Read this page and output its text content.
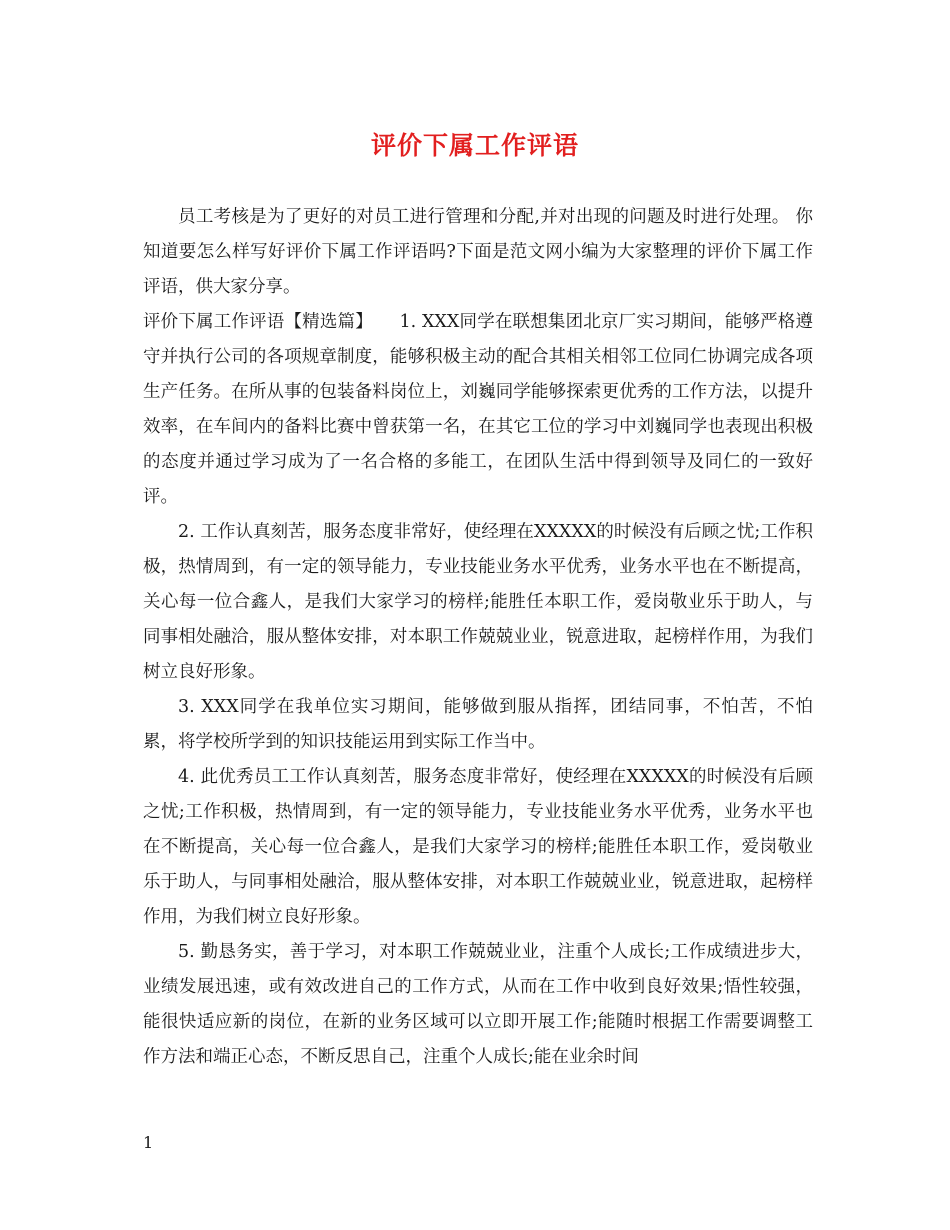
评价下属工作评语

员工考核是为了更好的对员工进行管理和分配,并对出现的问题及时进行处理。 你知道要怎么样写好评价下属工作评语吗?下面是范文网小编为大家整理的评价下属工作评语，供大家分享。

评价下属工作评语【精选篇】　　1. XXX同学在联想集团北京厂实习期间，能够严格遵守并执行公司的各项规章制度，能够积极主动的配合其相关相邻工位同仁协调完成各项生产任务。在所从事的包装备料岗位上，刘巍同学能够探索更优秀的工作方法，以提升效率，在车间内的备料比赛中曾获第一名，在其它工位的学习中刘巍同学也表现出积极的态度并通过学习成为了一名合格的多能工，在团队生活中得到领导及同仁的一致好评。

2. 工作认真刻苦，服务态度非常好，使经理在XXXXX的时候没有后顾之忧;工作积极，热情周到，有一定的领导能力，专业技能业务水平优秀，业务水平也在不断提高，关心每一位合鑫人，是我们大家学习的榜样;能胜任本职工作，爱岗敬业乐于助人，与同事相处融洽，服从整体安排，对本职工作兢兢业业，锐意进取，起榜样作用，为我们树立良好形象。

3. XXX同学在我单位实习期间，能够做到服从指挥，团结同事，不怕苦，不怕累，将学校所学到的知识技能运用到实际工作当中。

4. 此优秀员工工作认真刻苦，服务态度非常好，使经理在XXXXX的时候没有后顾之忧;工作积极，热情周到，有一定的领导能力，专业技能业务水平优秀，业务水平也在不断提高，关心每一位合鑫人，是我们大家学习的榜样;能胜任本职工作，爱岗敬业乐于助人，与同事相处融洽，服从整体安排，对本职工作兢兢业业，锐意进取，起榜样作用，为我们树立良好形象。

5. 勤恳务实，善于学习，对本职工作兢兢业业，注重个人成长;工作成绩进步大，业绩发展迅速，或有效改进自己的工作方式，从而在工作中收到良好效果;悟性较强，能很快适应新的岗位，在新的业务区域可以立即开展工作;能随时根据工作需要调整工作方法和端正心态，不断反思自己，注重个人成长;能在业余时间

1
